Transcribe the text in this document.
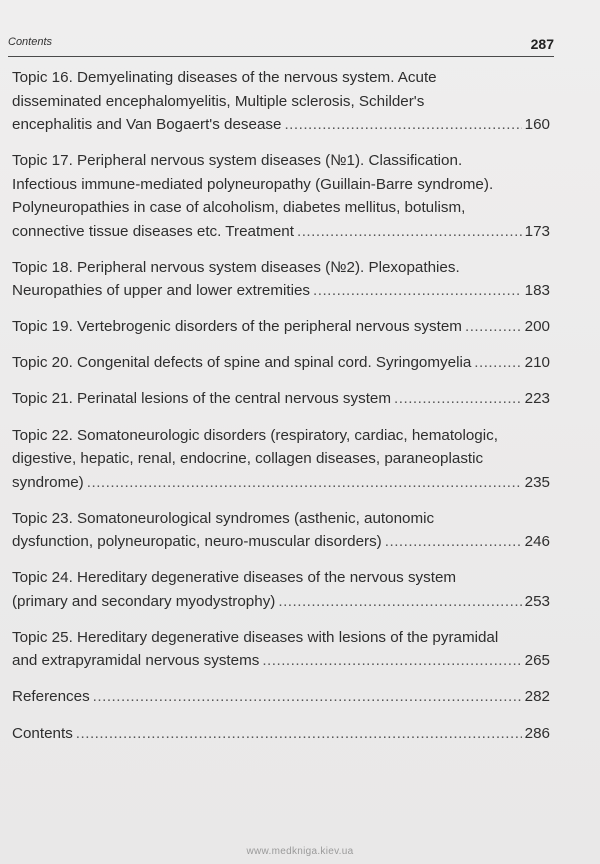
Contents	287
Topic 16. Demyelinating diseases of the nervous system. Acute
disseminated encephalomyelitis, Multiple sclerosis, Schilder's
encephalitis and Van Bogaert's desease .....	160
Topic 17. Peripheral nervous system diseases (№1). Classification.
Infectious immune-mediated polyneuropathy (Guillain-Barre syndrome).
Polyneuropathies in case of alcoholism, diabetes mellitus, botulism,
connective tissue diseases etc. Treatment .....	173
Topic 18. Peripheral nervous system diseases (№2). Plexopathies.
Neuropathies of upper and lower extremities .....	183
Topic 19. Vertebrogenic disorders of the peripheral nervous system .....	200
Topic 20. Congenital defects of spine and spinal cord. Syringomyelia .....	210
Topic 21. Perinatal lesions of the central nervous system .....	223
Topic 22. Somatoneurologic disorders (respiratory, cardiac, hematologic,
digestive, hepatic, renal, endocrine, collagen diseases, paraneoplastic
syndrome) .....	235
Topic 23. Somatoneurological syndromes (asthenic, autonomic
dysfunction, polyneuropatic, neuro-muscular disorders) .....	246
Topic 24. Hereditary degenerative diseases of the nervous system
(primary and secondary myodystrophy) .....	253
Topic 25. Hereditary degenerative diseases with lesions of the pyramidal
and extrapyramidal nervous systems .....	265
References .....	282
Contents .....	286
www.medkniga.kiev.ua
